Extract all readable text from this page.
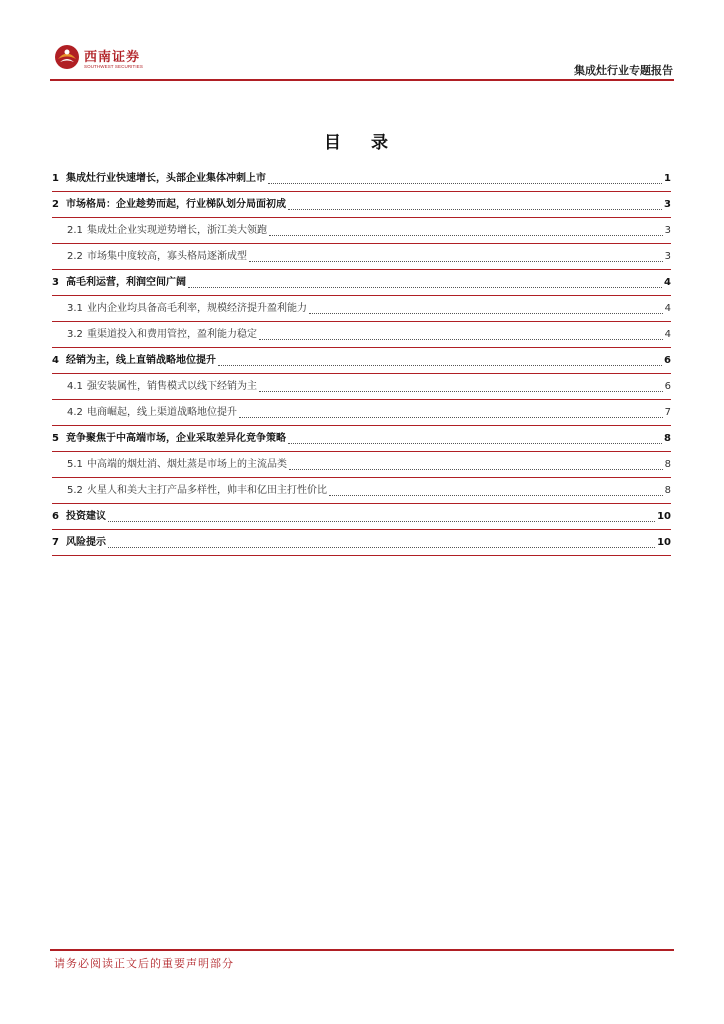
西南证券
SOUTHWEST SECURITIES	集成灶行业专题报告
目 录
1 集成灶行业快速增长，头部企业集体冲刺上市	1
2 市场格局：企业趁势而起，行业梯队划分局面初成	3
2.1 集成灶企业实现逆势增长，浙江美大领跑	3
2.2 市场集中度较高，寡头格局逐渐成型	3
3 高毛利运营，利润空间广阔	4
3.1 业内企业均具备高毛利率，规模经济提升盈利能力	4
3.2 重渠道投入和费用管控，盈利能力稳定	4
4 经销为主，线上直销战略地位提升	6
4.1 强安装属性，销售模式以线下经销为主	6
4.2 电商崛起，线上渠道战略地位提升	7
5 竞争聚焦于中高端市场，企业采取差异化竞争策略	8
5.1 中高端的烟灶消、烟灶蒸是市场上的主流品类	8
5.2 火星人和美大主打产品多样性，帅丰和亿田主打性价比	8
6 投资建议	10
7 风险提示	10
请务必阅读正文后的重要声明部分
